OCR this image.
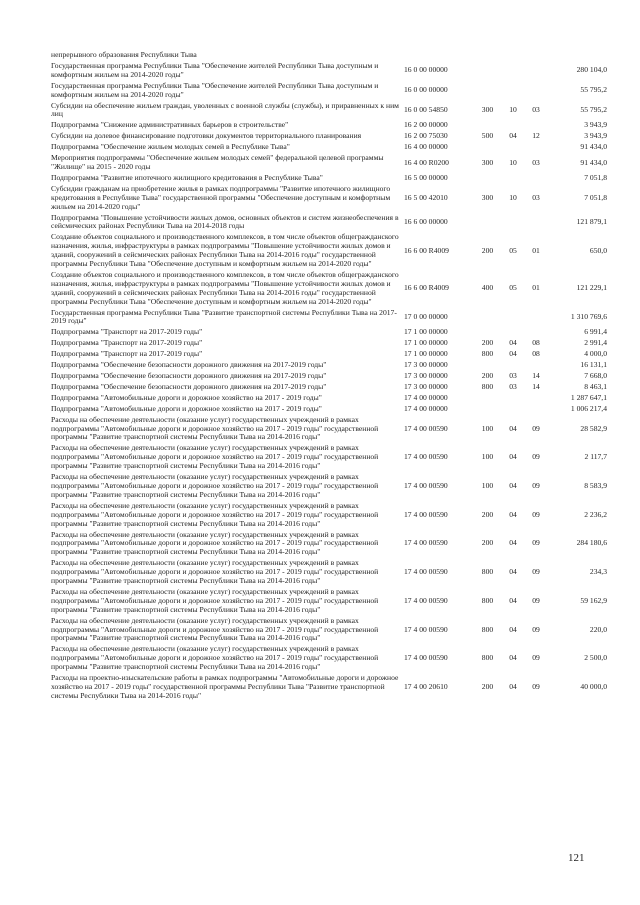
непрерывного образования Республики Тыва					
Государственная программа Республики Тыва "Обеспечение жителей Республики Тыва доступным и комфортным жильем на 2014-2020 годы"	16 0 00 00000				280 104,0
Государственная программа Республики Тыва "Обеспечение жителей Республики Тыва доступным и комфортным жильем на 2014-2020 годы"	16 0 00 00000				55 795,2
Субсидии на обеспечение жильем граждан, уволенных с военной службы (службы), и приравненных к ним лиц	16 0 00 54850	300	10	03	55 795,2
Подпрограмма "Снижение административных барьеров в строительстве"	16 2 00 00000				3 943,9
Субсидии на долевое финансирование подготовки документов территориального планирования	16 2 00 75030	500	04	12	3 943,9
Подпрограмма "Обеспечение жильем молодых семей в Республике Тыва"	16 4 00 00000				91 434,0
Мероприятия подпрограммы "Обеспечение жильем молодых семей" федеральной целевой программы "Жилище" на 2015 - 2020 годы	16 4 00 R0200	300	10	03	91 434,0
Подпрограмма "Развитие ипотечного жилищного кредитования в Республике Тыва"	16 5 00 00000				7 051,8
Субсидии гражданам на приобретение жилья в рамках подпрограммы "Развитие ипотечного жилищного кредитования в Республике Тыва" государственной программы "Обеспечение доступным и комфортным жильем на 2014-2020 годы"	16 5 00 42010	300	10	03	7 051,8
Подпрограмма "Повышение устойчивости жилых домов, основных объектов и систем жизнеобеспечения в сейсмических районах Республики Тыва на 2014-2018 годы	16 6 00 00000				121 879,1
Создание объектов социального и производственного комплексов, в том числе объектов общегражданского назначения, жилья, инфраструктуры в рамках подпрограммы "Повышение устойчивости жилых домов и зданий, сооружений в сейсмических районах Республики Тыва на 2014-2016 годы" государственной программы Республики Тыва "Обеспечение доступным и комфортным жильем на 2014-2020 годы"	16 6 00 R4009	200	05	01	650,0
Создание объектов социального и производственного комплексов, в том числе объектов общегражданского назначения, жилья, инфраструктуры в рамках подпрограммы "Повышение устойчивости жилых домов и зданий, сооружений в сейсмических районах Республики Тыва на 2014-2016 годы" государственной программы Республики Тыва "Обеспечение доступным и комфортным жильем на 2014-2020 годы"	16 6 00 R4009	400	05	01	121 229,1
Государственная программа Республики Тыва "Развитие транспортной системы Республики Тыва на 2017-2019 годы"	17 0 00 00000				1 310 769,6
Подпрограмма "Транспорт на 2017-2019 годы"	17 1 00 00000				6 991,4
Подпрограмма "Транспорт на 2017-2019 годы"	17 1 00 00000	200	04	08	2 991,4
Подпрограмма "Транспорт на 2017-2019 годы"	17 1 00 00000	800	04	08	4 000,0
Подпрограмма "Обеспечение безопасности дорожного движения на 2017-2019 годы"	17 3 00 00000				16 131,1
Подпрограмма "Обеспечение безопасности дорожного движения на 2017-2019 годы"	17 3 00 00000	200	03	14	7 668,0
Подпрограмма "Обеспечение безопасности дорожного движения на 2017-2019 годы"	17 3 00 00000	800	03	14	8 463,1
Подпрограмма "Автомобильные дороги и дорожное хозяйство на 2017 - 2019 годы"	17 4 00 00000				1 287 647,1
Подпрограмма "Автомобильные дороги и дорожное хозяйство на 2017 - 2019 годы"	17 4 00 00000				1 006 217,4
Расходы на обеспечение деятельности (оказание услуг) государственных учреждений в рамках подпрограммы "Автомобильные дороги и дорожное хозяйство на 2017 - 2019 годы" государственной программы "Развитие транспортной системы Республики Тыва на 2014-2016 годы"	17 4 00 00590	100	04	09	28 582,9
Расходы на обеспечение деятельности (оказание услуг) государственных учреждений в рамках подпрограммы "Автомобильные дороги и дорожное хозяйство на 2017 - 2019 годы" государственной программы "Развитие транспортной системы Республики Тыва на 2014-2016 годы"	17 4 00 00590	100	04	09	2 117,7
Расходы на обеспечение деятельности (оказание услуг) государственных учреждений в рамках подпрограммы "Автомобильные дороги и дорожное хозяйство на 2017 - 2019 годы" государственной программы "Развитие транспортной системы Республики Тыва на 2014-2016 годы"	17 4 00 00590	100	04	09	8 583,9
Расходы на обеспечение деятельности (оказание услуг) государственных учреждений в рамках подпрограммы "Автомобильные дороги и дорожное хозяйство на 2017 - 2019 годы" государственной программы "Развитие транспортной системы Республики Тыва на 2014-2016 годы"	17 4 00 00590	200	04	09	2 236,2
Расходы на обеспечение деятельности (оказание услуг) государственных учреждений в рамках подпрограммы "Автомобильные дороги и дорожное хозяйство на 2017 - 2019 годы" государственной программы "Развитие транспортной системы Республики Тыва на 2014-2016 годы"	17 4 00 00590	200	04	09	284 180,6
Расходы на обеспечение деятельности (оказание услуг) государственных учреждений в рамках подпрограммы "Автомобильные дороги и дорожное хозяйство на 2017 - 2019 годы" государственной программы "Развитие транспортной системы Республики Тыва на 2014-2016 годы"	17 4 00 00590	800	04	09	234,3
Расходы на обеспечение деятельности (оказание услуг) государственных учреждений в рамках подпрограммы "Автомобильные дороги и дорожное хозяйство на 2017 - 2019 годы" государственной программы "Развитие транспортной системы Республики Тыва на 2014-2016 годы"	17 4 00 00590	800	04	09	59 162,9
Расходы на обеспечение деятельности (оказание услуг) государственных учреждений в рамках подпрограммы "Автомобильные дороги и дорожное хозяйство на 2017 - 2019 годы" государственной программы "Развитие транспортной системы Республики Тыва на 2014-2016 годы"	17 4 00 00590	800	04	09	220,0
Расходы на обеспечение деятельности (оказание услуг) государственных учреждений в рамках подпрограммы "Автомобильные дороги и дорожное хозяйство на 2017 - 2019 годы" государственной программы "Развитие транспортной системы Республики Тыва на 2014-2016 годы"	17 4 00 00590	800	04	09	2 500,0
Расходы на проектно-изыскательские работы в рамках подпрограммы "Автомобильные дороги и дорожное хозяйство на 2017 - 2019 годы" государственной программы Республики Тыва "Развитие транспортной системы Республики Тыва на 2014-2016 годы"	17 4 00 20610	200	04	09	40 000,0
121
